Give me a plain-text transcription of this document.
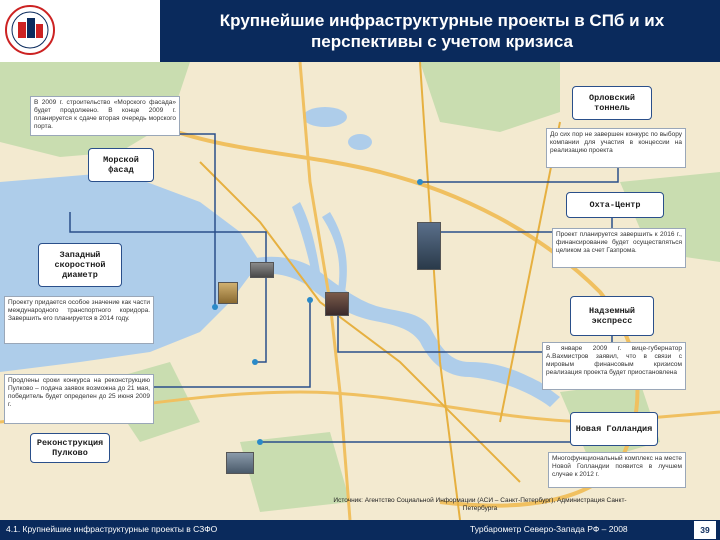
Крупнейшие инфраструктурные проекты в СПб и их перспективы с учетом кризиса
В 2009 г. строительство «Морского фасада» будет продолжено. В конце 2009 г. планируется к сдаче вторая очередь морского порта.
Морской фасад
Западный скоростной диаметр
Проекту придается особое значение как части международного транспортного коридора. Завершить его планируется в 2014 году.
Продлены сроки конкурса на реконструкцию Пулково – подача заявок возможна до 21 мая, победитель будет определен до 25 июня 2009 г.
Реконструкция Пулково
Орловский тоннель
До сих пор не завершен конкурс по выбору компании для участия в концессии на реализацию проекта
Охта-Центр
Проект планируется завершить к 2016 г., финансирование будет осуществляться целиком за счет Газпрома.
Надземный экспресс
В январе 2009 г. вице-губернатор А.Вахмистров заявил, что в связи с мировым финансовым кризисом реализация проекта будет приостановлена
Новая Голландия
Многофункциональный комплекс на месте Новой Голландии появится в лучшем случае к 2012 г.
Источник: Агентство Социальной Информации (АСИ – Санкт-Петербург), Администрация Санкт-Петербурга
4.1. Крупнейшие инфраструктурные проекты в СЗФО	Турбарометр Северо-Запада РФ – 2008	39
